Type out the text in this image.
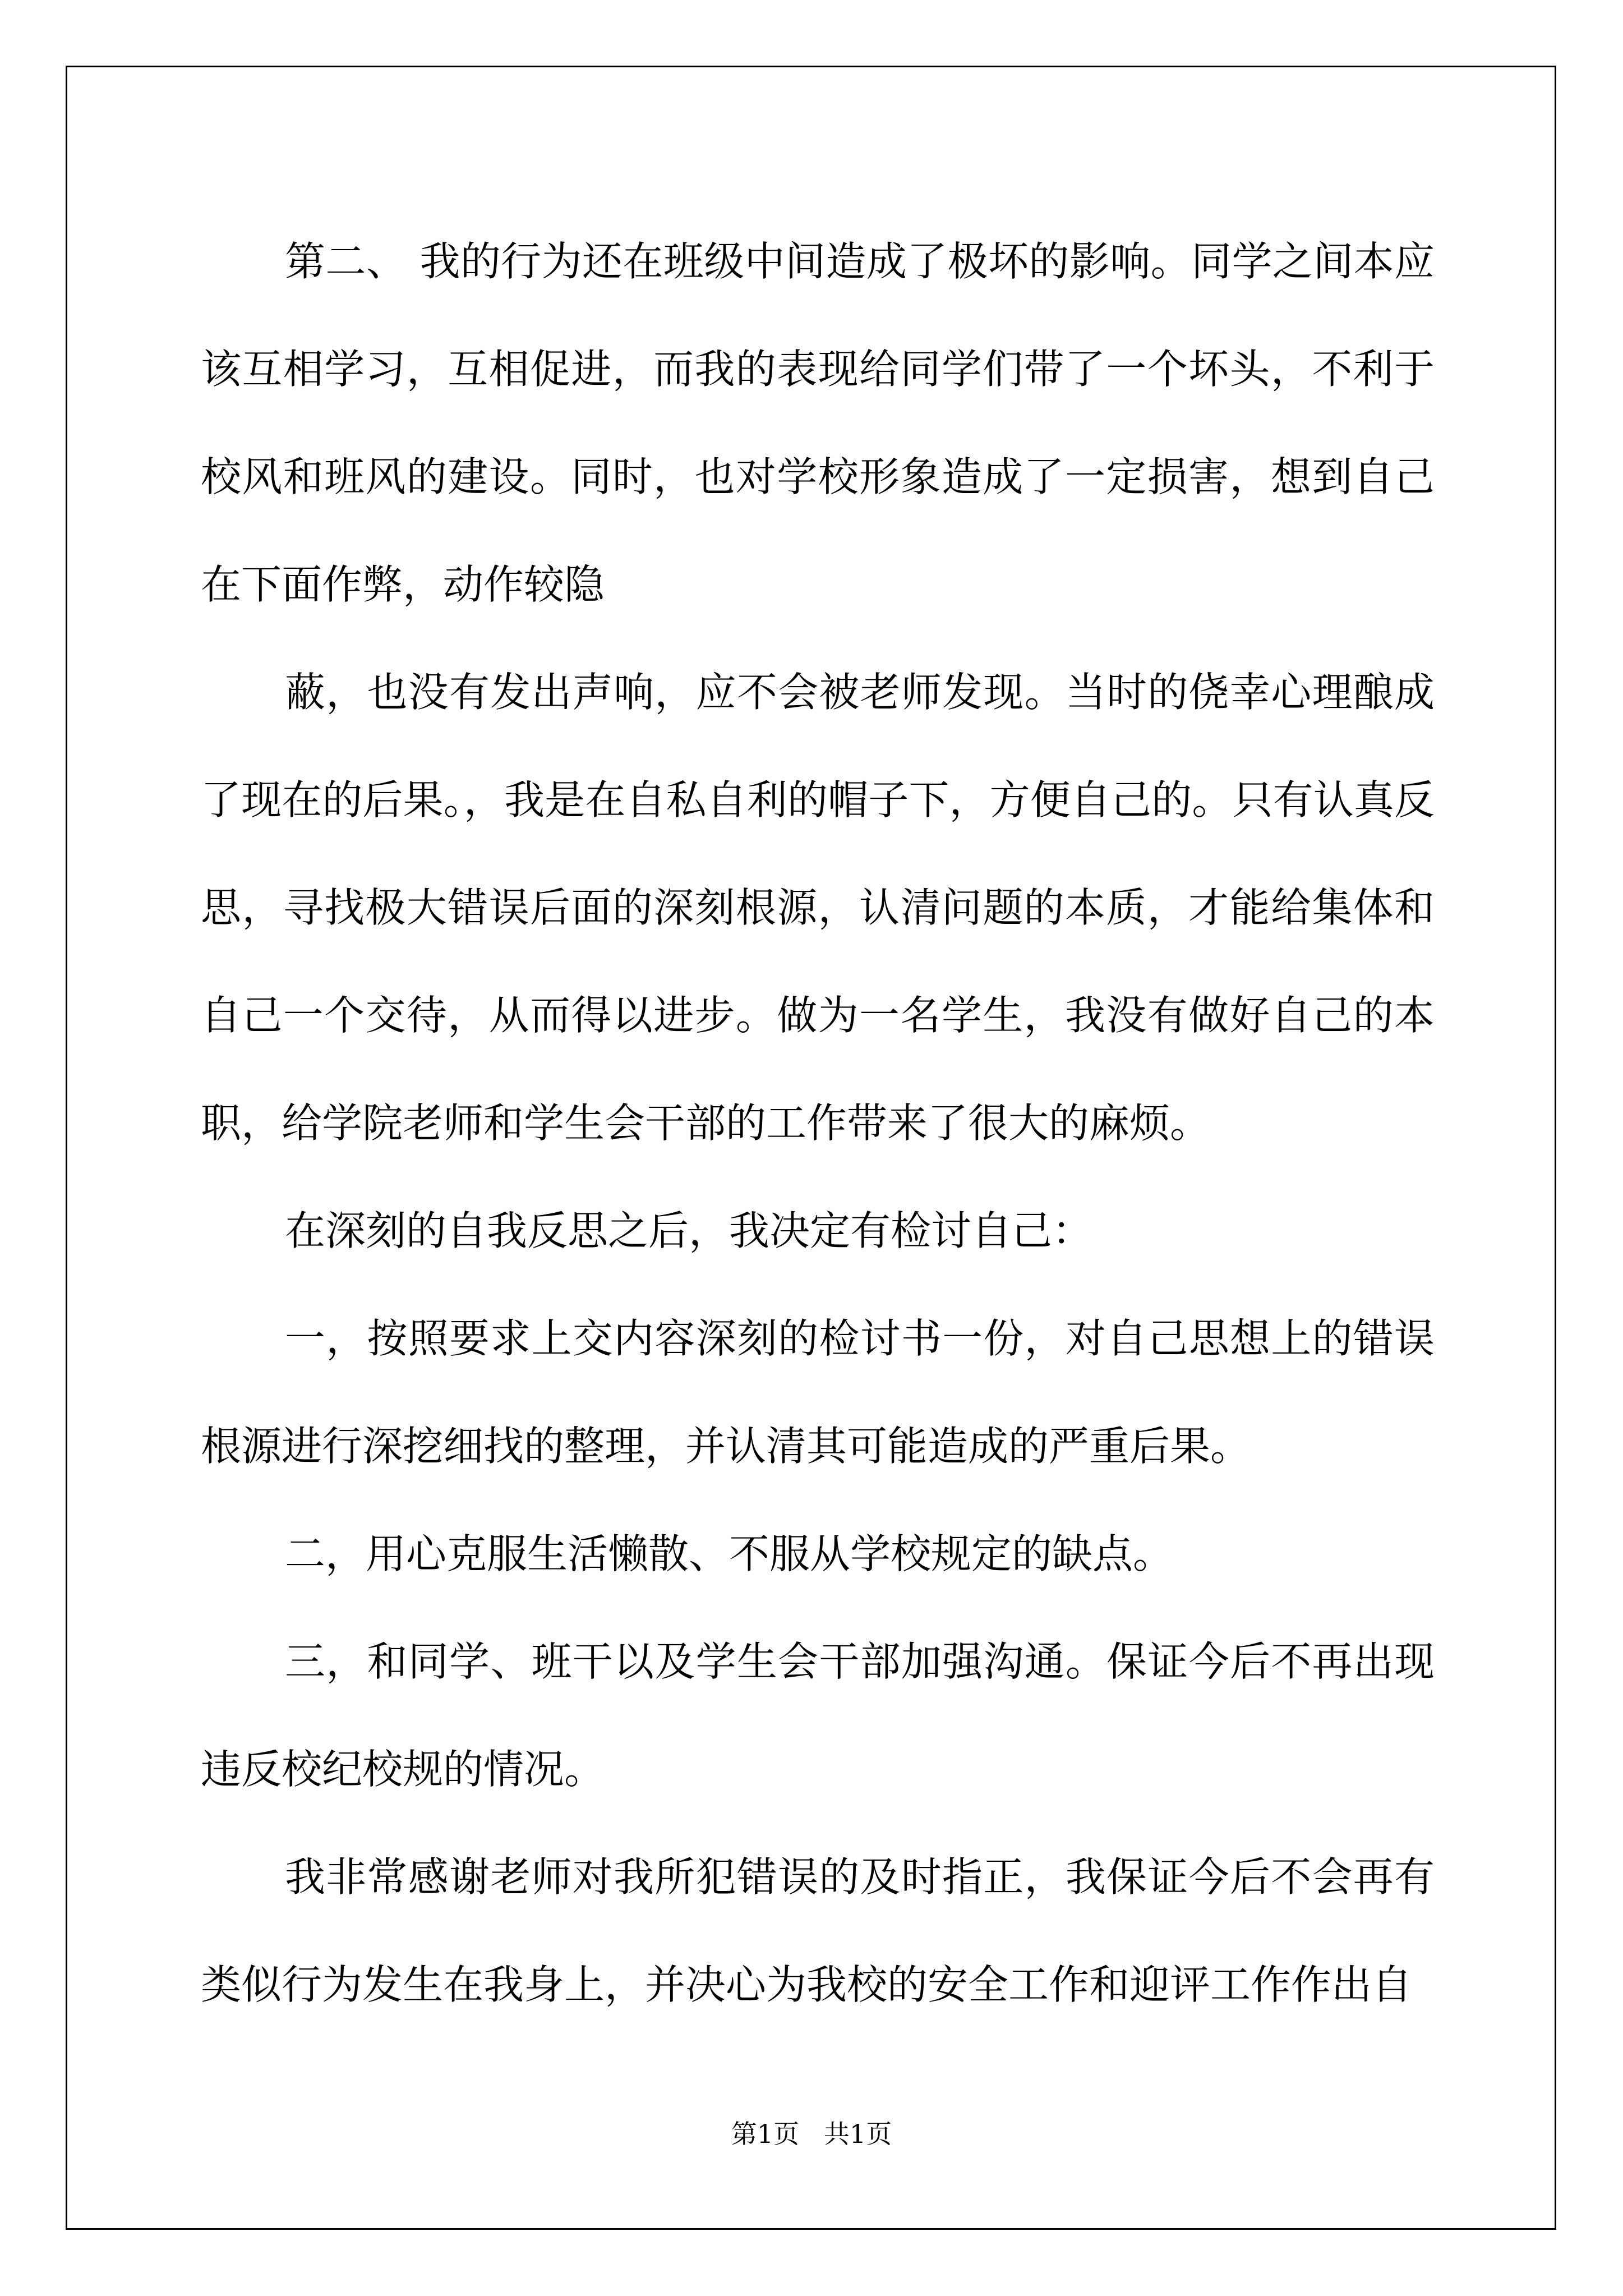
第二、 我的行为还在班级中间造成了极坏的影响。同学之间本应该互相学习，互相促进，而我的表现给同学们带了一个坏头，不利于校风和班风的建设。同时，也对学校形象造成了一定损害，想到自己在下面作弊，动作较隐

蔽，也没有发出声响，应不会被老师发现。当时的侥幸心理酿成了现在的后果。，我是在自私自利的帽子下，方便自己的。只有认真反思，寻找极大错误后面的深刻根源，认清问题的本质，才能给集体和自己一个交待，从而得以进步。做为一名学生，我没有做好自己的本职，给学院老师和学生会干部的工作带来了很大的麻烦。

在深刻的自我反思之后，我决定有检讨自己：

一，按照要求上交内容深刻的检讨书一份，对自己思想上的错误根源进行深挖细找的整理，并认清其可能造成的严重后果。

二，用心克服生活懒散、不服从学校规定的缺点。

三，和同学、班干以及学生会干部加强沟通。保证今后不再出现违反校纪校规的情况。

我非常感谢老师对我所犯错误的及时指正，我保证今后不会再有类似行为发生在我身上，并决心为我校的安全工作和迎评工作作出自

第1页   共1页
